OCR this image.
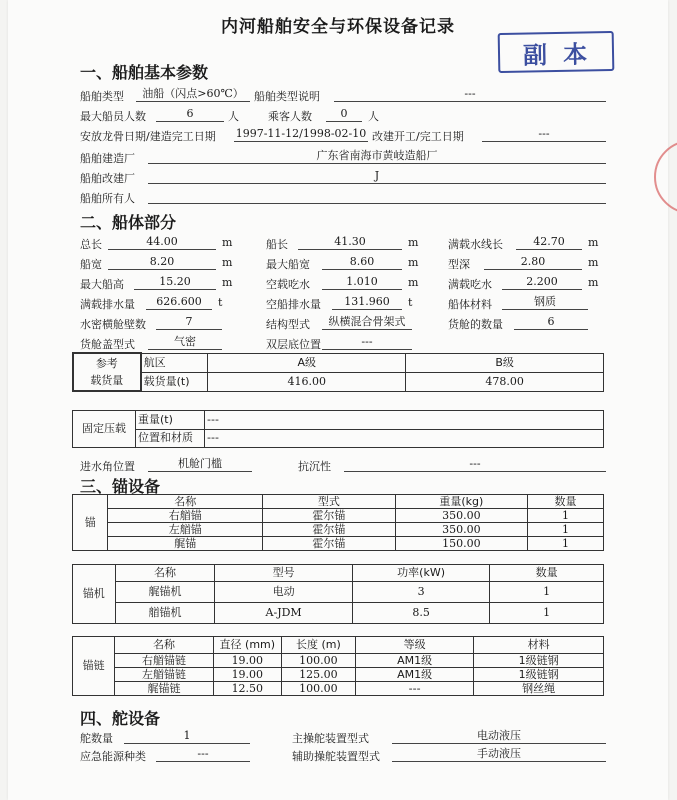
内河船舶安全与环保设备记录
副本
一、船舶基本参数
船舶类型	油船（闪点>60℃） 船舶类型说明	---
最大船员人数	6	人	乘客人数	0	人
安放龙骨日期/建造完工日期 1997-11-12/1998-02-10 改建开工/完工日期	---
船舶建造厂	广东省南海市黄岐造船厂
船舶改建厂	J
船舶所有人
二、船体部分
总长	44.00	m	船长	41.30	m	满载水线长	42.70	m
船宽	8.20	m	最大船宽	8.60	m	型深	2.80	m
最大船高	15.20	m	空载吃水	1.010	m	满载吃水	2.200	m
满载排水量	626.600	t	空船排水量	131.960	t	船体材料	钢质
水密横舱壁数	7	结构型式	纵横混合骨架式	货舱的数量	6
货舱盖型式	气密	双层底位置	---
参考
载货量	航区	A级	B级
	载货量(t)	416.00	478.00
固定压载	重量(t)	---
	位置和材质	---
进水角位置	机舱门槛	抗沉性	---
三、锚设备
锚	名称	型式	重量(kg)	数量
	右艏锚	霍尔锚	350.00	1
	左艏锚	霍尔锚	350.00	1
	艉锚	霍尔锚	150.00	1
锚机	名称	型号	功率(kW)	数量
	艉锚机	电动	3	1
	艏锚机	A-JDM	8.5	1
锚链	名称	直径 (mm)	长度 (m)	等级	材料
	右艏锚链	19.00	100.00	AM1级	1级链钢
	左艏锚链	19.00	125.00	AM1级	1级链钢
	艉锚链	12.50	100.00	---	钢丝绳
四、舵设备
舵数量	1	主操舵装置型式	电动液压
应急能源种类	---	辅助操舵装置型式	手动液压
